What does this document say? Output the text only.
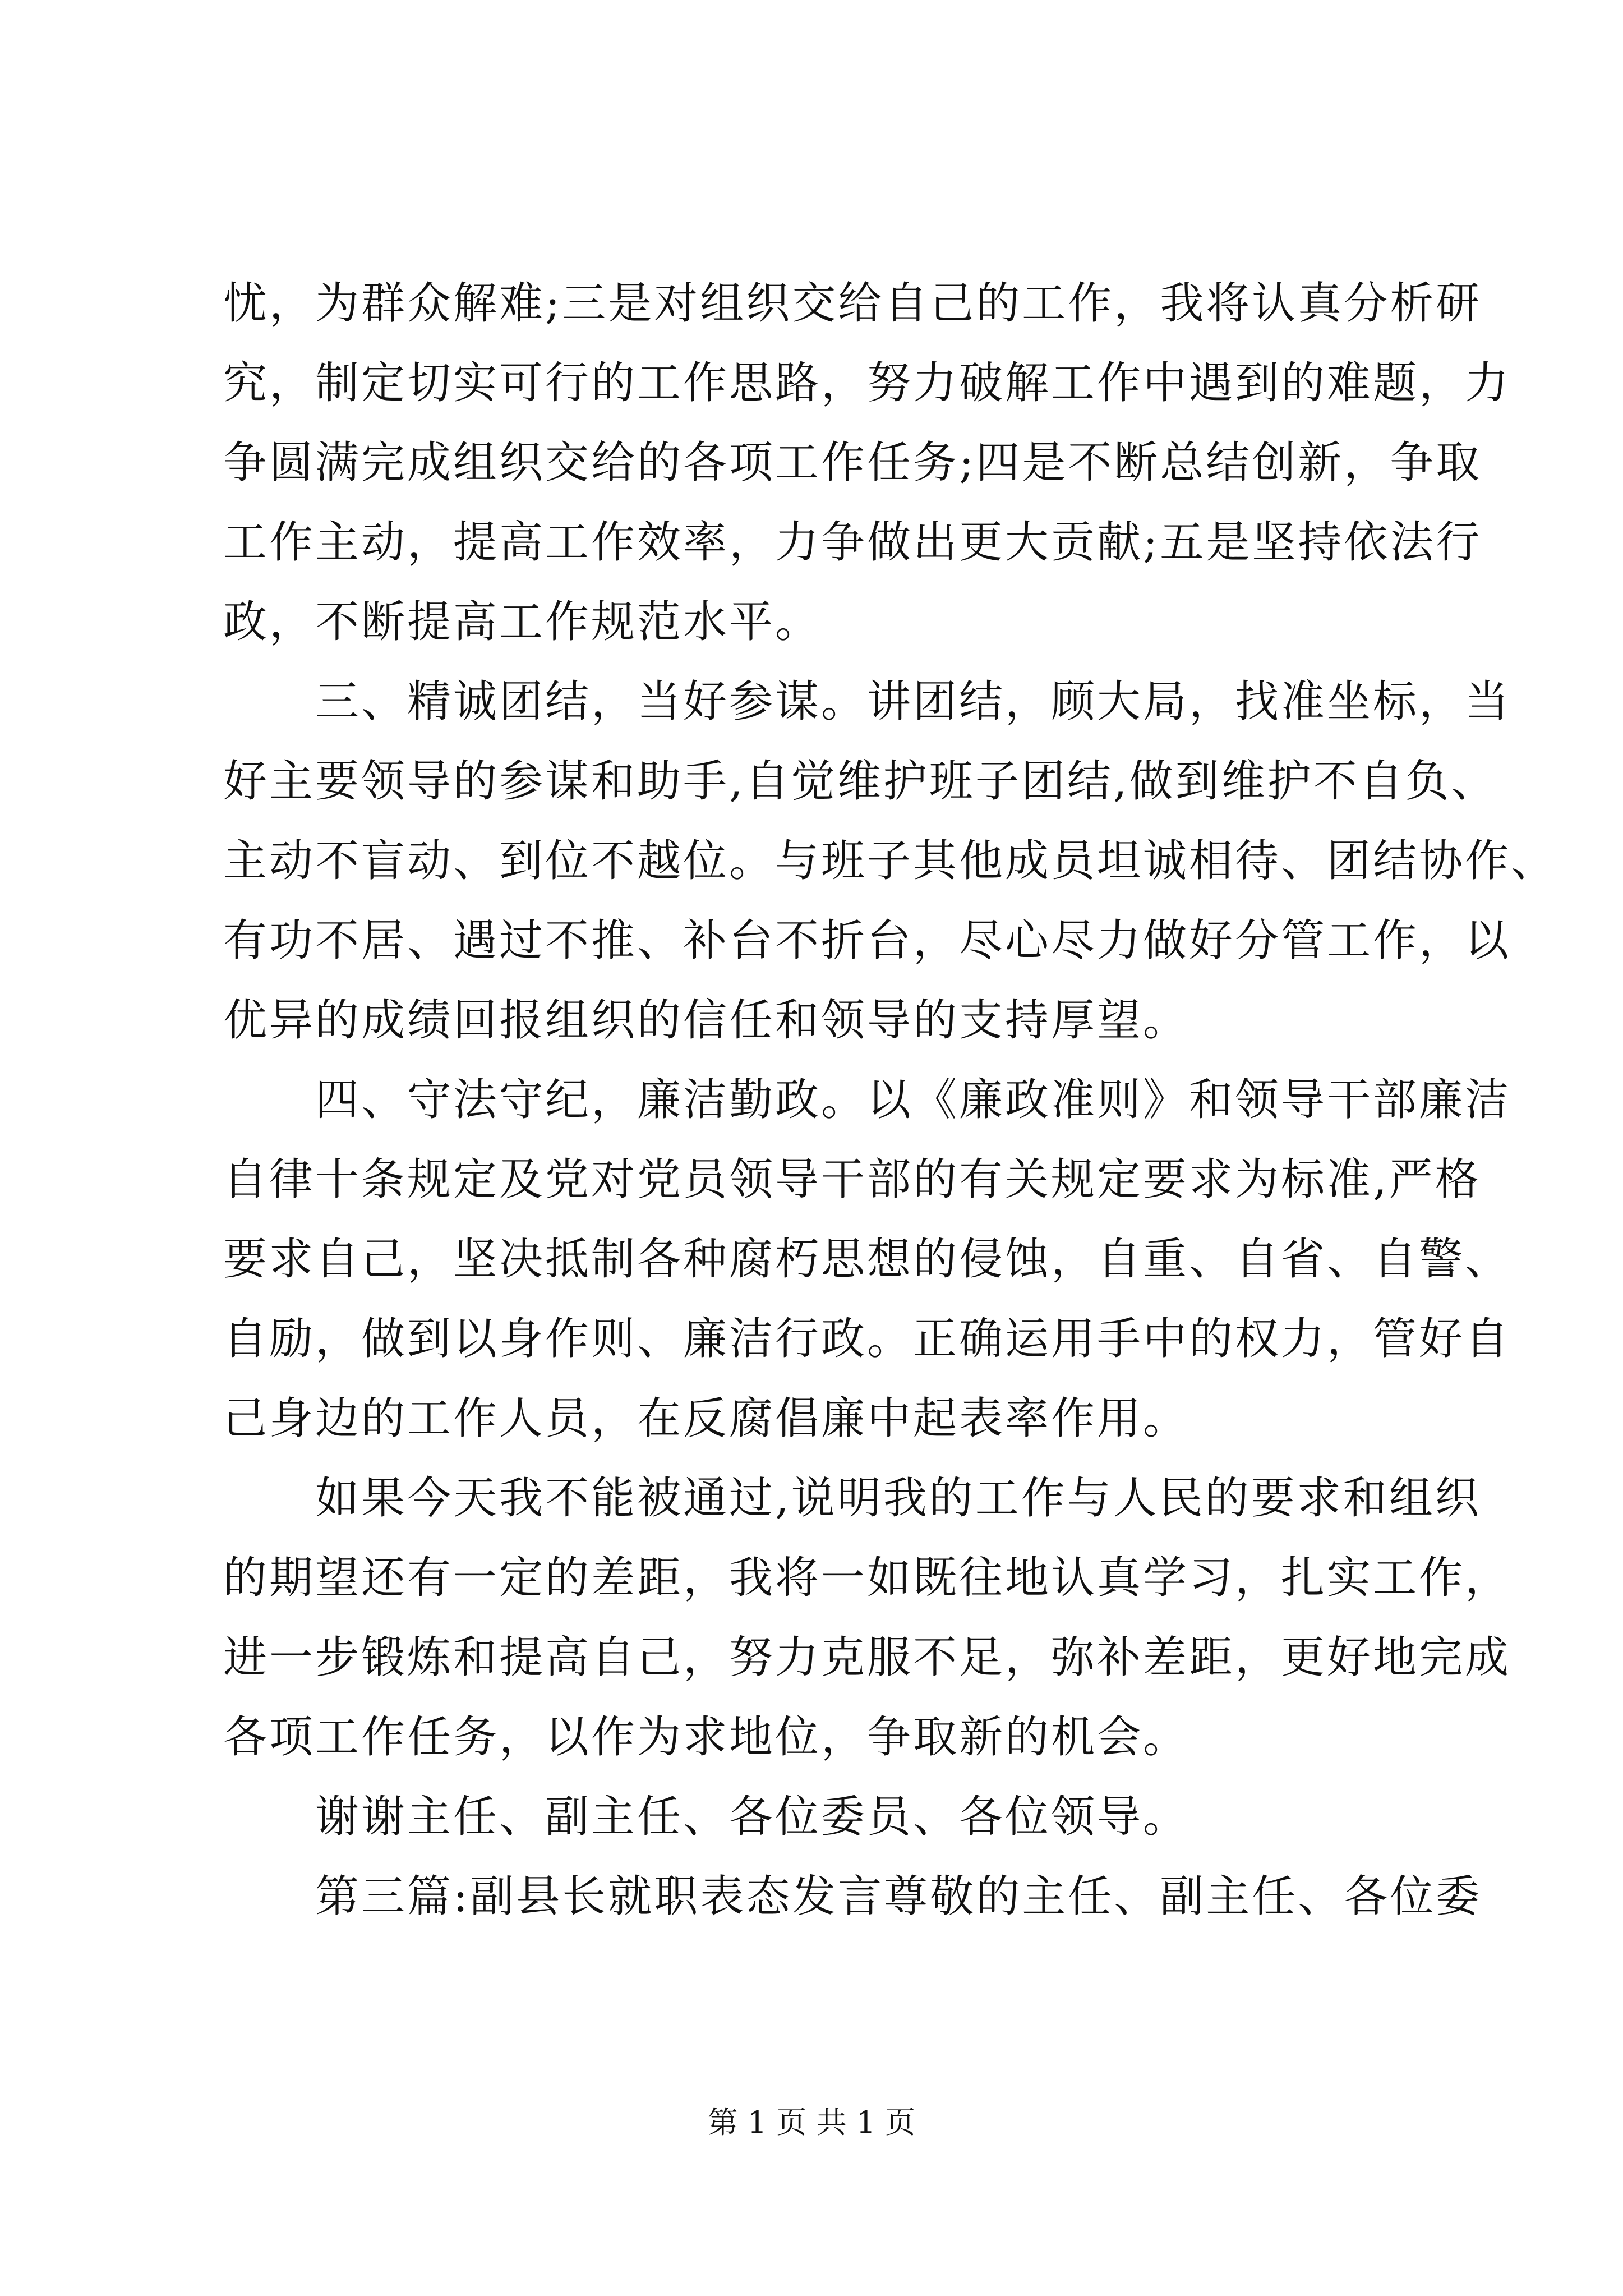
忧，为群众解难;三是对组织交给自己的工作，我将认真分析研
究，制定切实可行的工作思路，努力破解工作中遇到的难题，力
争圆满完成组织交给的各项工作任务;四是不断总结创新，争取
工作主动，提高工作效率，力争做出更大贡献;五是坚持依法行
政，不断提高工作规范水平。
　　三、精诚团结，当好参谋。讲团结，顾大局，找准坐标，当
好主要领导的参谋和助手,自觉维护班子团结,做到维护不自负、
主动不盲动、到位不越位。与班子其他成员坦诚相待、团结协作、
有功不居、遇过不推、补台不折台，尽心尽力做好分管工作，以
优异的成绩回报组织的信任和领导的支持厚望。
　　四、守法守纪，廉洁勤政。以《廉政准则》和领导干部廉洁
自律十条规定及党对党员领导干部的有关规定要求为标准,严格
要求自己，坚决抵制各种腐朽思想的侵蚀，自重、自省、自警、
自励，做到以身作则、廉洁行政。正确运用手中的权力，管好自
己身边的工作人员，在反腐倡廉中起表率作用。
　　如果今天我不能被通过,说明我的工作与人民的要求和组织
的期望还有一定的差距，我将一如既往地认真学习，扎实工作，
进一步锻炼和提高自己，努力克服不足，弥补差距，更好地完成
各项工作任务，以作为求地位，争取新的机会。
　　谢谢主任、副主任、各位委员、各位领导。
　　第三篇:副县长就职表态发言尊敬的主任、副主任、各位委
第 1 页 共 1 页
